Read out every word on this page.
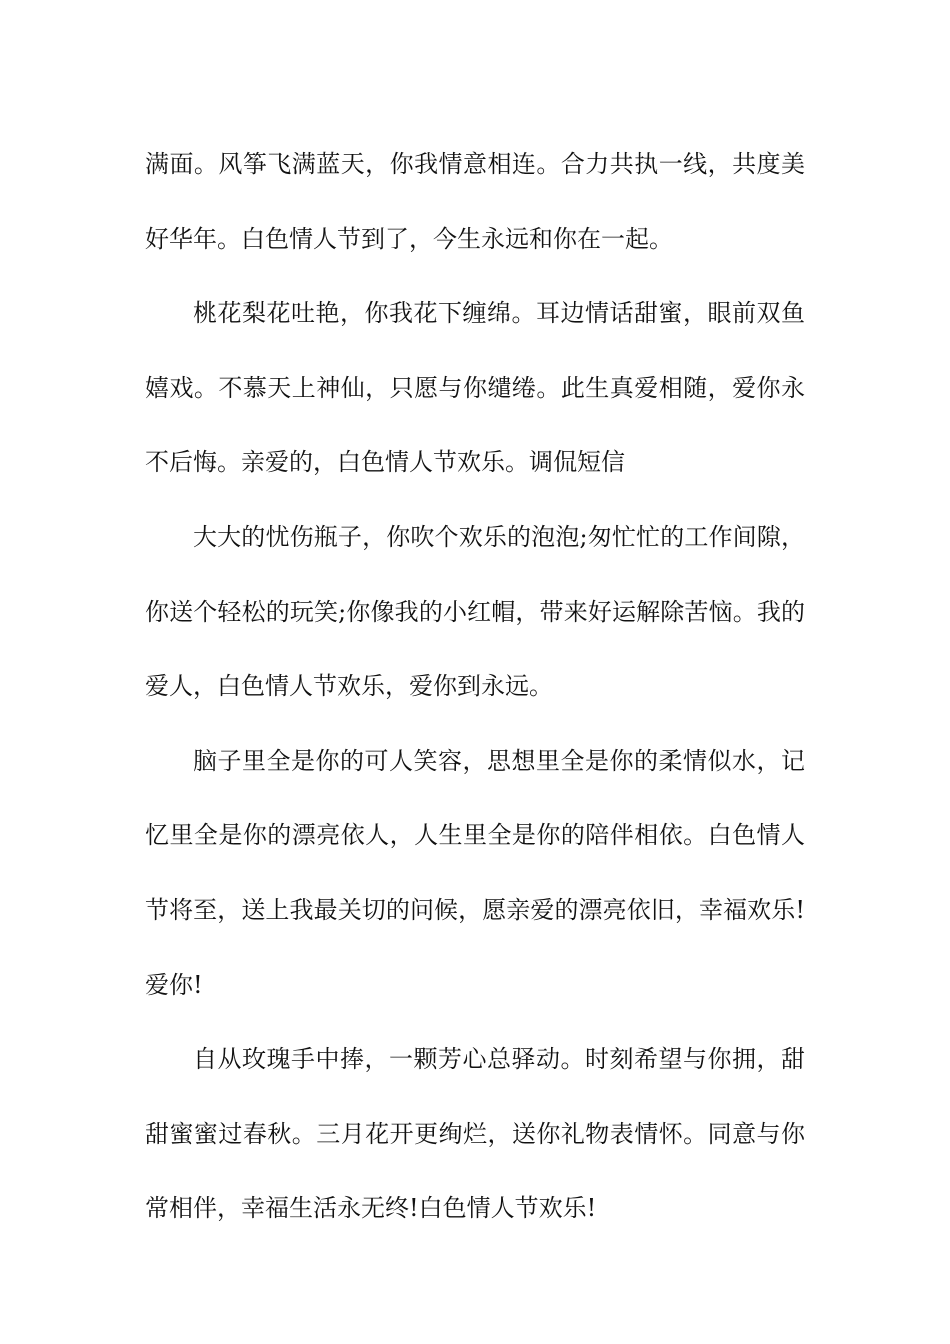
满面。风筝飞满蓝天，你我情意相连。合力共执一线，共度美好华年。白色情人节到了，今生永远和你在一起。

桃花梨花吐艳，你我花下缠绵。耳边情话甜蜜，眼前双鱼嬉戏。不慕天上神仙，只愿与你缱绻。此生真爱相随，爱你永不后悔。亲爱的，白色情人节欢乐。调侃短信

大大的忧伤瓶子，你吹个欢乐的泡泡;匆忙忙的工作间隙，你送个轻松的玩笑;你像我的小红帽，带来好运解除苦恼。我的爱人，白色情人节欢乐，爱你到永远。

脑子里全是你的可人笑容，思想里全是你的柔情似水，记忆里全是你的漂亮依人，人生里全是你的陪伴相依。白色情人节将至，送上我最关切的问候，愿亲爱的漂亮依旧，幸福欢乐!爱你!

自从玫瑰手中捧，一颗芳心总驿动。时刻希望与你拥，甜甜蜜蜜过春秋。三月花开更绚烂，送你礼物表情怀。同意与你常相伴，幸福生活永无终!白色情人节欢乐!
